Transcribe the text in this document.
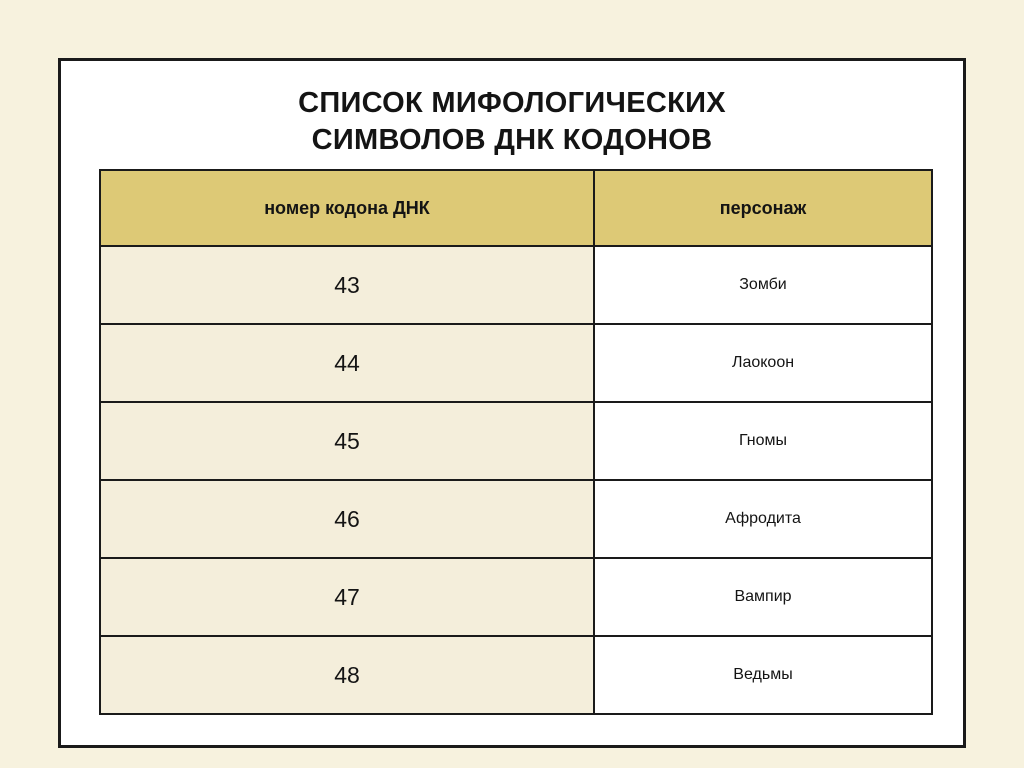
СПИСОК МИФОЛОГИЧЕСКИХ
СИМВОЛОВ ДНК КОДОНОВ
номер кодона ДНК	персонаж
43	Зомби
44	Лаокоон
45	Гномы
46	Афродита
47	Вампир
48	Ведьмы
